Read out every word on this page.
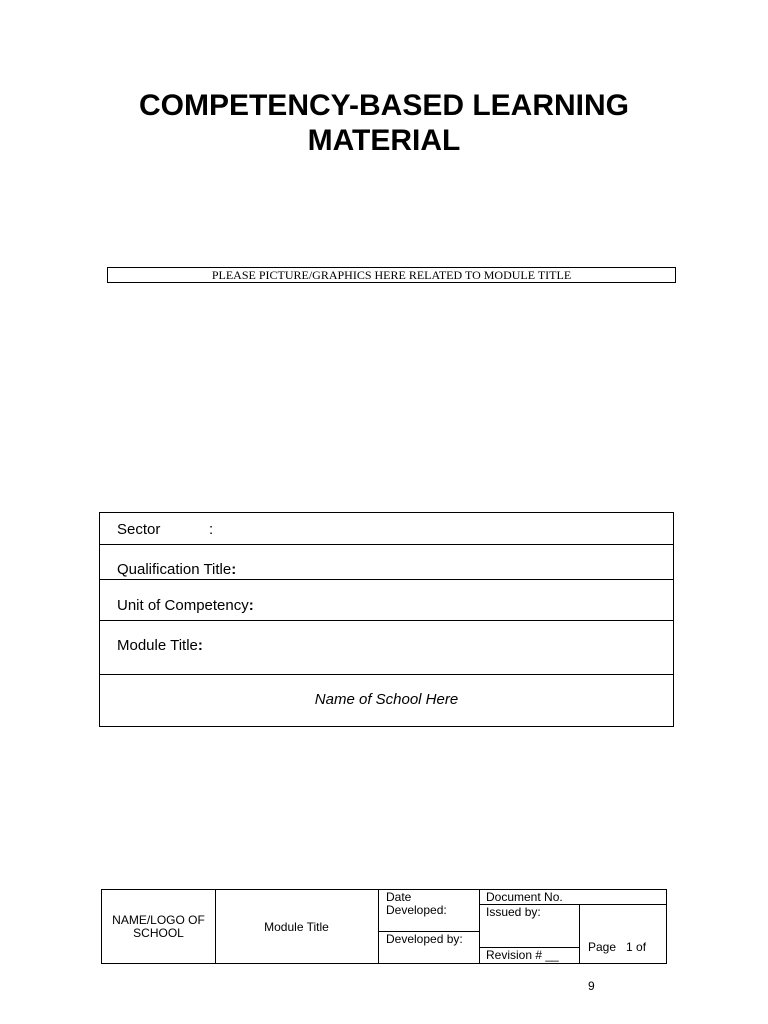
COMPETENCY-BASED LEARNING
MATERIAL
PLEASE PICTURE/GRAPHICS HERE RELATED TO MODULE TITLE
Sector	:
Qualification Title:
Unit of Competency:
Module Title:
Name of School Here
NAME/LOGO OF
SCHOOL	Module Title
Date
Developed:
Developed by:
Document No.
Issued by:
Revision # __

Page   1 of

9
